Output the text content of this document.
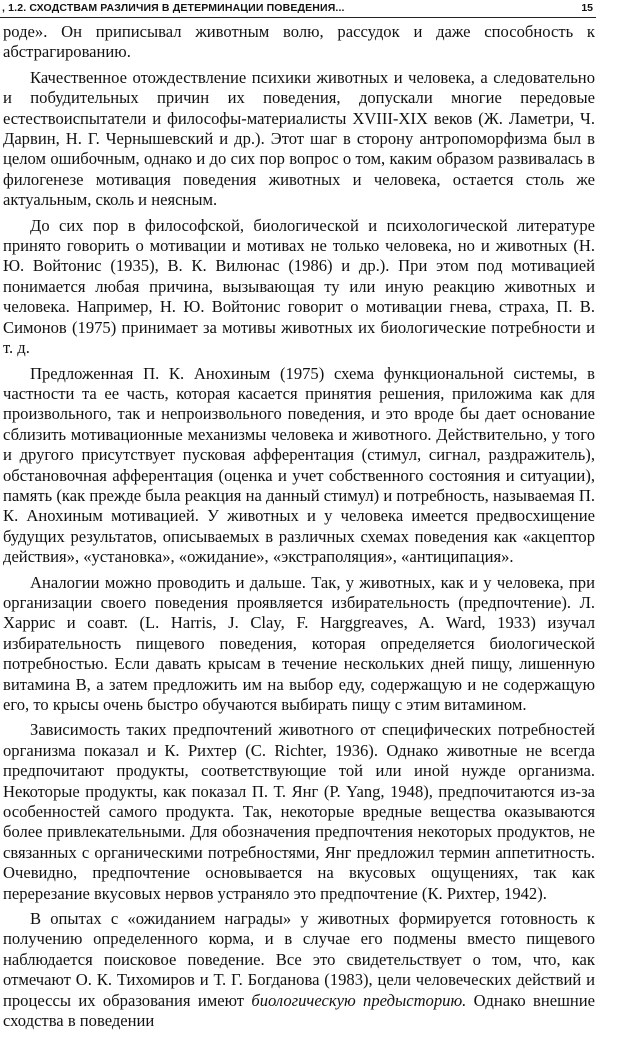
, 1.2. СХОДСТВАМ РАЗЛИЧИЯ В ДЕТЕРМИНАЦИИ ПОВЕДЕНИЯ...	15

роде». Он приписывал животным волю, рассудок и даже способность к абстрагированию.

Качественное отождествление психики животных и человека, а следовательно и побудительных причин их поведения, допускали многие передовые естествоиспытатели и философы-материалисты XVIII-XIX веков (Ж. Ламетри, Ч. Дарвин, Н. Г. Чернышевский и др.). Этот шаг в сторону антропоморфизма был в целом ошибочным, однако и до сих пор вопрос о том, каким образом развивалась в филогенезе мотивация поведения животных и человека, остается столь же актуальным, сколь и неясным.

До сих пор в философской, биологической и психологической литературе принято говорить о мотивации и мотивах не только человека, но и животных (Н. Ю. Войтонис (1935), В. К. Вилюнас (1986) и др.). При этом под мотивацией понимается любая причина, вызывающая ту или иную реакцию животных и человека. Например, Н. Ю. Войтонис говорит о мотивации гнева, страха, П. В. Симонов (1975) принимает за мотивы животных их биологические потребности и т. д.

Предложенная П. К. Анохиным (1975) схема функциональной системы, в частности та ее часть, которая касается принятия решения, приложима как для произвольного, так и непроизвольного поведения, и это вроде бы дает основание сблизить мотивационные механизмы человека и животного. Действительно, у того и другого присутствует пусковая афферентация (стимул, сигнал, раздражитель), обстановочная афферентация (оценка и учет собственного состояния и ситуации), память (как прежде была реакция на данный стимул) и потребность, называемая П. К. Анохиным мотивацией. У животных и у человека имеется предвосхищение будущих результатов, описываемых в различных схемах поведения как «акцептор действия», «установка», «ожидание», «экстраполяция», «антиципация».

Аналогии можно проводить и дальше. Так, у животных, как и у человека, при организации своего поведения проявляется избирательность (предпочтение). Л. Харрис и соавт. (L. Harris, J. Clay, F. Harggreaves, A. Ward, 1933) изучал избирательность пищевого поведения, которая определяется биологической потребностью. Если давать крысам в течение нескольких дней пищу, лишенную витамина В, а затем предложить им на выбор еду, содержащую и не содержащую его, то крысы очень быстро обучаются выбирать пищу с этим витамином.

Зависимость таких предпочтений животного от специфических потребностей организма показал и К. Рихтер (С. Richter, 1936). Однако животные не всегда предпочитают продукты, соответствующие той или иной нужде организма. Некоторые продукты, как показал П. Т. Янг (Р. Yang, 1948), предпочитаются из-за особенностей самого продукта. Так, некоторые вредные вещества оказываются более привлекательными. Для обозначения предпочтения некоторых продуктов, не связанных с органическими потребностями, Янг предложил термин аппетитность. Очевидно, предпочтение основывается на вкусовых ощущениях, так как перерезание вкусовых нервов устраняло это предпочтение (К. Рихтер, 1942).

В опытах с «ожиданием награды» у животных формируется готовность к получению определенного корма, и в случае его подмены вместо пищевого наблюдается поисковое поведение. Все это свидетельствует о том, что, как отмечают О. К. Тихомиров и Т. Г. Богданова (1983), цели человеческих действий и процессы их образования имеют биологическую предысторию. Однако внешние сходства в поведении
